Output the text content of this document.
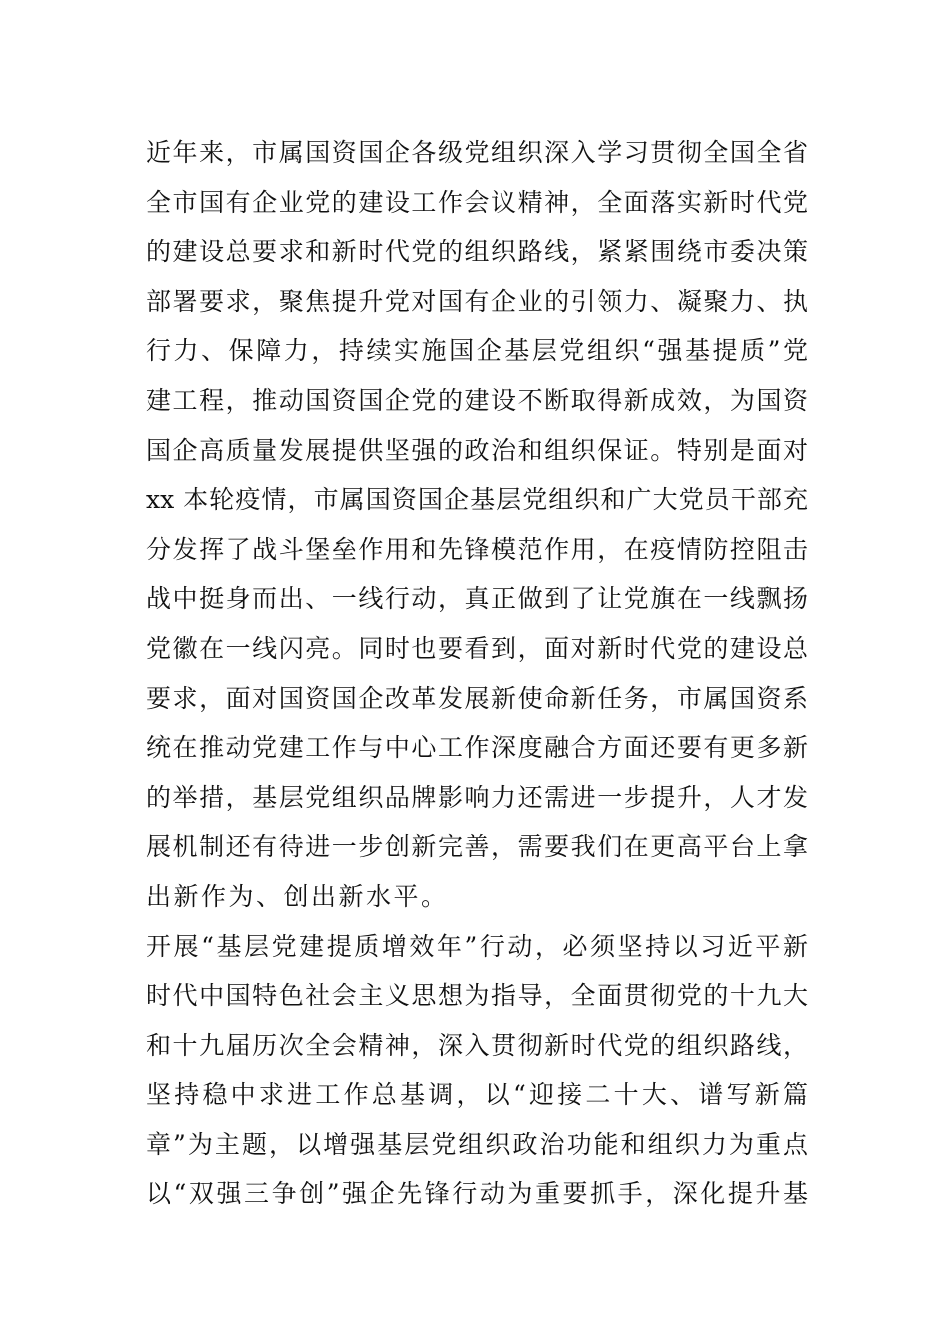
近年来，市属国资国企各级党组织深入学习贯彻全国全省
全市国有企业党的建设工作会议精神，全面落实新时代党
的建设总要求和新时代党的组织路线，紧紧围绕市委决策
部署要求，聚焦提升党对国有企业的引领力、凝聚力、执
行力、保障力，持续实施国企基层党组织“强基提质”党
建工程，推动国资国企党的建设不断取得新成效，为国资
国企高质量发展提供坚强的政治和组织保证。特别是面对
xx 本轮疫情，市属国资国企基层党组织和广大党员干部充
分发挥了战斗堡垒作用和先锋模范作用，在疫情防控阻击
战中挺身而出、一线行动，真正做到了让党旗在一线飘扬
党徽在一线闪亮。同时也要看到，面对新时代党的建设总
要求，面对国资国企改革发展新使命新任务，市属国资系
统在推动党建工作与中心工作深度融合方面还要有更多新
的举措，基层党组织品牌影响力还需进一步提升，人才发
展机制还有待进一步创新完善，需要我们在更高平台上拿
出新作为、创出新水平。
开展“基层党建提质增效年”行动，必须坚持以习近平新
时代中国特色社会主义思想为指导，全面贯彻党的十九大
和十九届历次全会精神，深入贯彻新时代党的组织路线，
坚持稳中求进工作总基调，以“迎接二十大、谱写新篇
章”为主题，以增强基层党组织政治功能和组织力为重点
以“双强三争创”强企先锋行动为重要抓手，深化提升基
